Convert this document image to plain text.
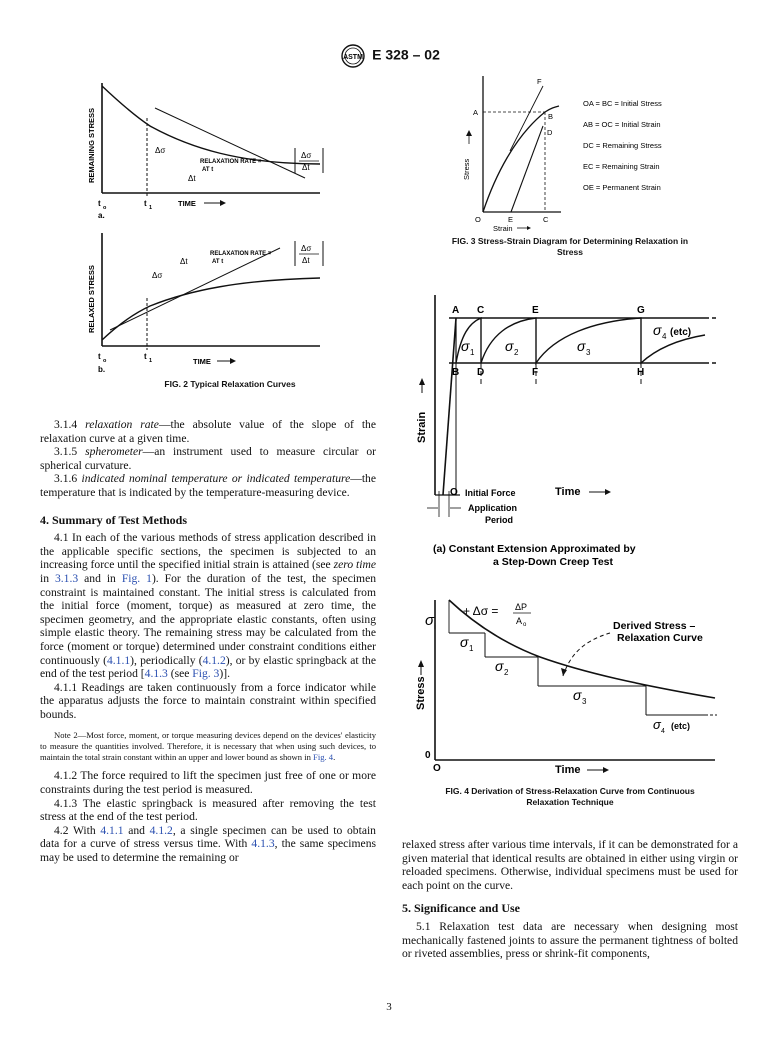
ASTM E 328 – 02
REMAINING STRESS	Δσ
Δt
RELAXATION RATE =
AT t
Δσ
Δt
t o
a.
t 1	TIME
RELAXED STRESS	Δσ
Δt
RELAXATION RATE =
AT t
Δσ
Δt
t o
b.
t 1	TIME
FIG. 2 Typical Relaxation Curves
Stress
F
A	B
D
O	E	C
Strain
OA = BC = Initial Stress
AB = OC = Initial Strain
DC = Remaining Stress
EC = Remaining Strain
OE = Permanent Strain
FIG. 3 Stress-Strain Diagram for Determining Relaxation in
Stress
A C	E	G
B D	F	H
σ 1 σ 2	σ 3
σ 4 (etc)
Strain
O Initial Force
Application
Period
Time
(a) Constant Extension Approximated by
a Step-Down Creep Test
σ i
+ Δσ = ΔP
A o
σ 1
σ 2
σ 3
σ 4
(etc)
Derived Stress –
Relaxation Curve
Stress
0
O	Time
FIG. 4 Derivation of Stress-Relaxation Curve from Continuous
Relaxation Technique

3.1.4 relaxation rate—the absolute value of the slope of the relaxation curve at a given time.

3.1.5 spherometer—an instrument used to measure circular or spherical curvature.

3.1.6 indicated nominal temperature or indicated temperature—the temperature that is indicated by the temperature-measuring device.

4. Summary of Test Methods

4.1 In each of the various methods of stress application described in the applicable specific sections, the specimen is subjected to an increasing force until the specified initial strain is attained (see zero time in 3.1.3 and in Fig. 1). For the duration of the test, the specimen constraint is maintained constant. The initial stress is calculated from the initial force (moment, torque) as measured at zero time, the specimen geometry, and the appropriate elastic constants, often using simple elastic theory. The remaining stress may be calculated from the force (moment or torque) determined under constraint conditions either continuously (4.1.1), periodically (4.1.2), or by elastic springback at the end of the test period [4.1.3 (see Fig. 3)].

4.1.1 Readings are taken continuously from a force indicator while the apparatus adjusts the force to maintain constraint within specified bounds.

Note 2—Most force, moment, or torque measuring devices depend on the devices' elasticity to measure the quantities involved. Therefore, it is necessary that when using such devices, to maintain the total strain constant within an upper and lower bound as shown in Fig. 4.

4.1.2 The force required to lift the specimen just free of one or more constraints during the test period is measured.

4.1.3 The elastic springback is measured after removing the test stress at the end of the test period.

4.2 With 4.1.1 and 4.1.2, a single specimen can be used to obtain data for a curve of stress versus time. With 4.1.3, the same specimens may be used to determine the remaining or

relaxed stress after various time intervals, if it can be demonstrated for a given material that identical results are obtained in either using virgin or reloaded specimens. Otherwise, individual specimens must be used for each point on the curve.

5. Significance and Use

5.1 Relaxation test data are necessary when designing most mechanically fastened joints to assure the permanent tightness of bolted or riveted assemblies, press or shrink-fit components,

3
